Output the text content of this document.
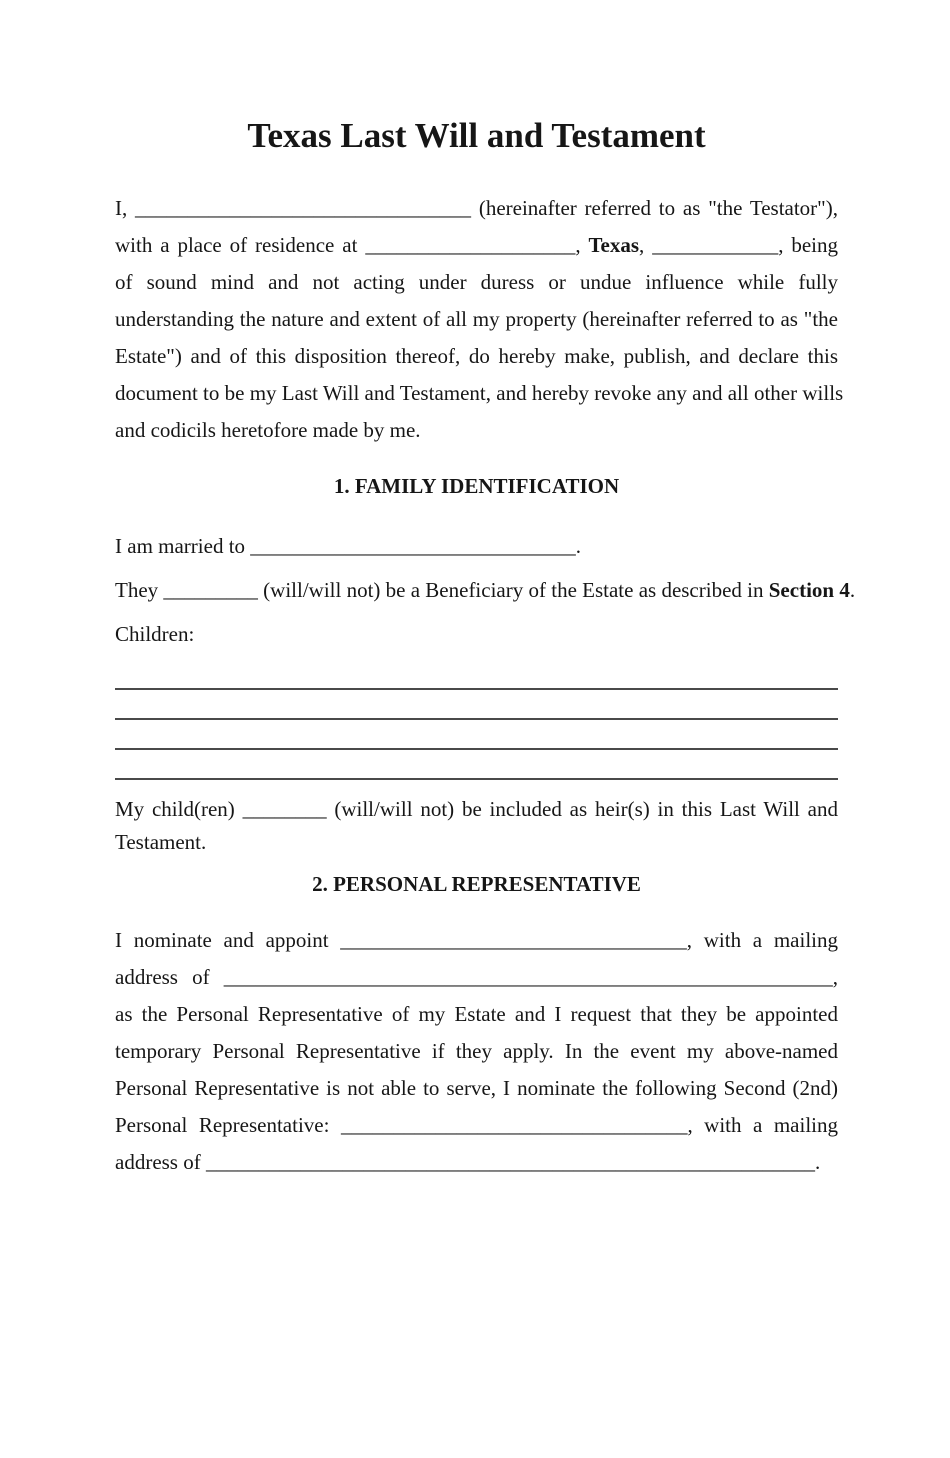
Texas Last Will and Testament
I, ________________________________ (hereinafter referred to as "the Testator"),
with a place of residence at ____________________, Texas, ____________, being
of sound mind and not acting under duress or undue influence while fully
understanding the nature and extent of all my property (hereinafter referred to as "the
Estate") and of this disposition thereof, do hereby make, publish, and declare this
document to be my Last Will and Testament, and hereby revoke any and all other wills
and codicils heretofore made by me.
1. FAMILY IDENTIFICATION
I am married to _______________________________.
They _________ (will/will not) be a Beneficiary of the Estate as described in Section 4.
Children:
My child(ren) ________ (will/will not) be included as heir(s) in this Last Will and
Testament.
2. PERSONAL REPRESENTATIVE
I nominate and appoint _________________________________, with a mailing
address of __________________________________________________________,
as the Personal Representative of my Estate and I request that they be appointed
temporary Personal Representative if they apply. In the event my above-named
Personal Representative is not able to serve, I nominate the following Second (2nd)
Personal Representative: _________________________________, with a mailing
address of __________________________________________________________.
